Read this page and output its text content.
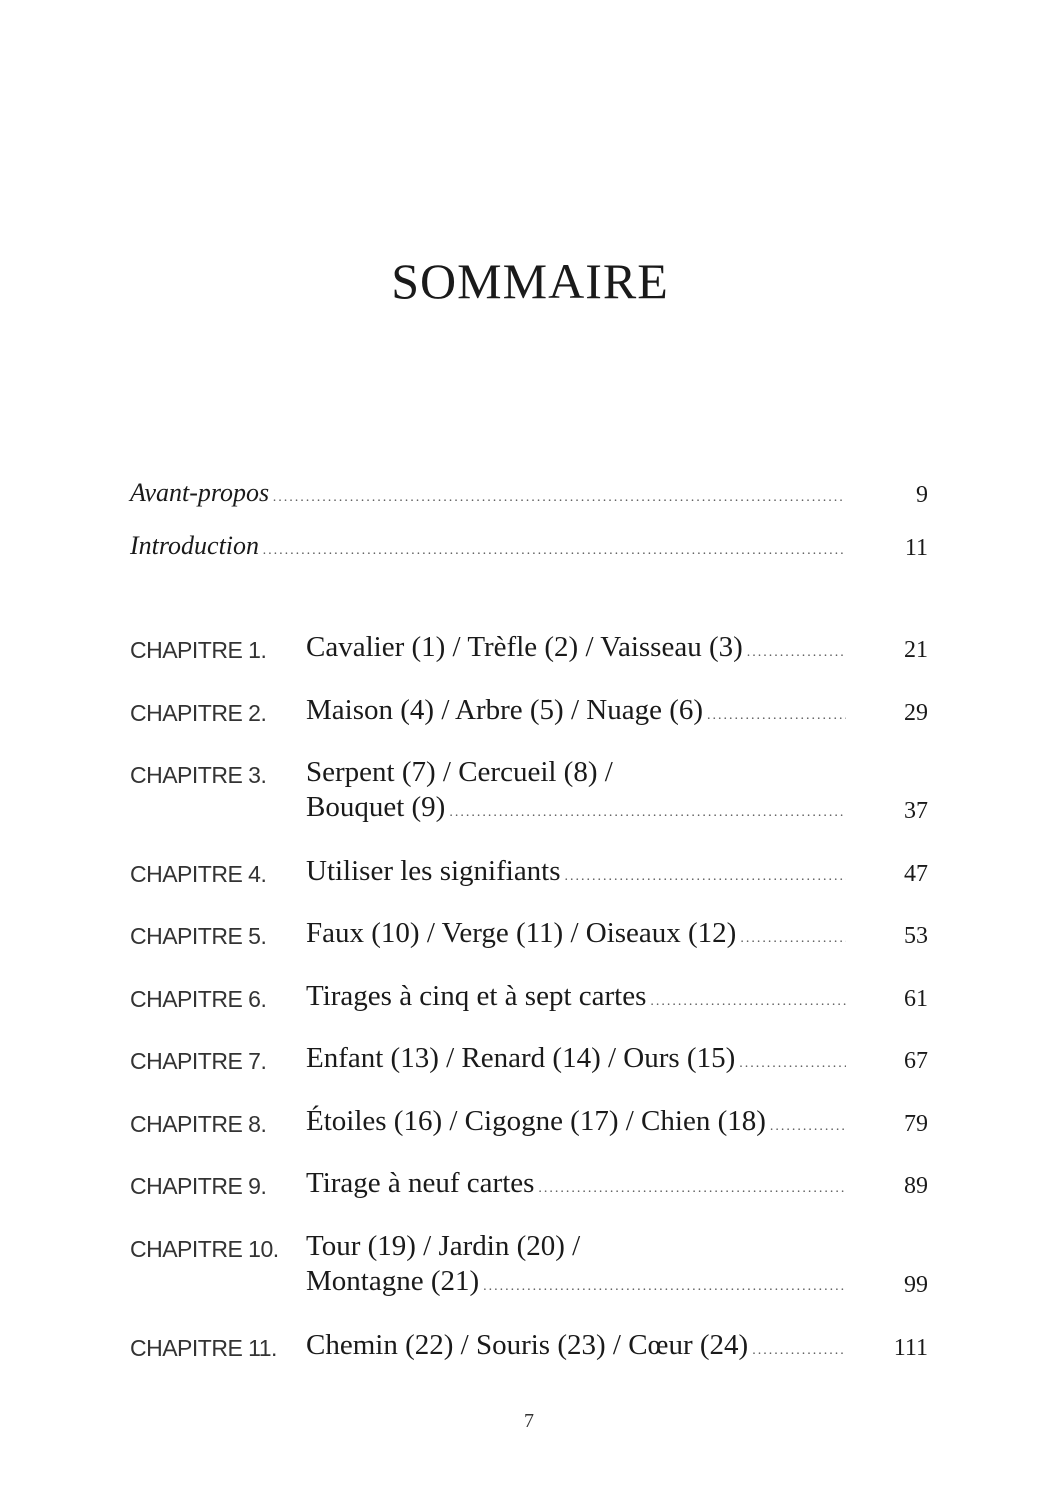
SOMMAIRE
Avant-propos .....	9
Introduction .....	11
CHAPITRE 1. Cavalier (1) / Trèfle (2) / Vaisseau (3) .....	21
CHAPITRE 2. Maison (4) / Arbre (5) / Nuage (6) .....	29
CHAPITRE 3. Serpent (7) / Cercueil (8) /
Bouquet (9) .....	37
CHAPITRE 4. Utiliser les signifiants .....	47
CHAPITRE 5. Faux (10) / Verge (11) / Oiseaux (12) .....	53
CHAPITRE 6. Tirages à cinq et à sept cartes .....	61
CHAPITRE 7. Enfant (13) / Renard (14) / Ours (15) .....	67
CHAPITRE 8. Étoiles (16) / Cigogne (17) / Chien (18) .....	79
CHAPITRE 9. Tirage à neuf cartes .....	89
CHAPITRE 10. Tour (19) / Jardin (20) /
Montagne (21) .....	99
CHAPITRE 11. Chemin (22) / Souris (23) / Cœur (24) .....	111
7
